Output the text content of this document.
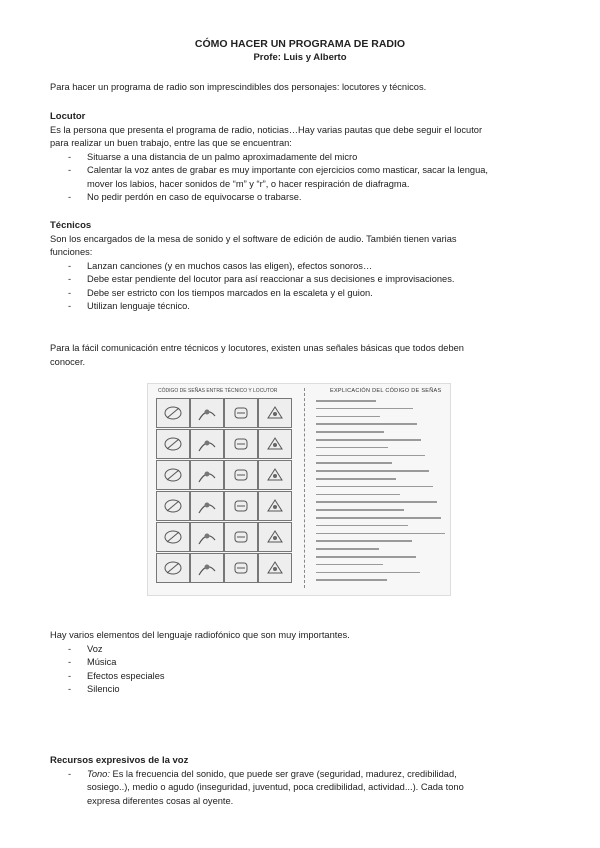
CÓMO HACER UN PROGRAMA DE RADIO
Profe: Luis y Alberto

Para hacer un programa de radio son imprescindibles dos personajes: locutores y técnicos.

Locutor
Es la persona que presenta el programa de radio, noticias…Hay varias pautas que debe seguir el locutor
para realizar un buen trabajo, entre las que se encuentran:
- Situarse a una distancia de un palmo aproximadamente del micro
- Calentar la voz antes de grabar es muy importante con ejercicios como masticar, sacar la lengua,
mover los labios, hacer sonidos de “m” y “r”, o hacer respiración de diafragma.
- No pedir perdón en caso de equivocarse o trabarse.
Técnicos
Son los encargados de la mesa de sonido y el software de edición de audio. También tienen varias
funciones:
- Lanzan canciones (y en muchos casos las eligen), efectos sonoros…
- Debe estar pendiente del locutor para así reaccionar a sus decisiones e improvisaciones.
- Debe ser estricto con los tiempos marcados en la escaleta y el guion.
- Utilizan lenguaje técnico.
Para la fácil comunicación entre técnicos y locutores, existen unas señales básicas que todos deben
conocer.
CÓDIGO DE SEÑAS ENTRE TÉCNICO Y LOCUTOR	EXPLICACIÓN DEL CÓDIGO DE SEÑAS
Hay varios elementos del lenguaje radiofónico que son muy importantes.
- Voz
- Música
- Efectos especiales
- Silencio
Recursos expresivos de la voz
- Tono: Es la frecuencia del sonido, que puede ser grave (seguridad, madurez, credibilidad,
sosiego..), medio o agudo (inseguridad, juventud, poca credibilidad, actividad...). Cada tono
expresa diferentes cosas al oyente.
